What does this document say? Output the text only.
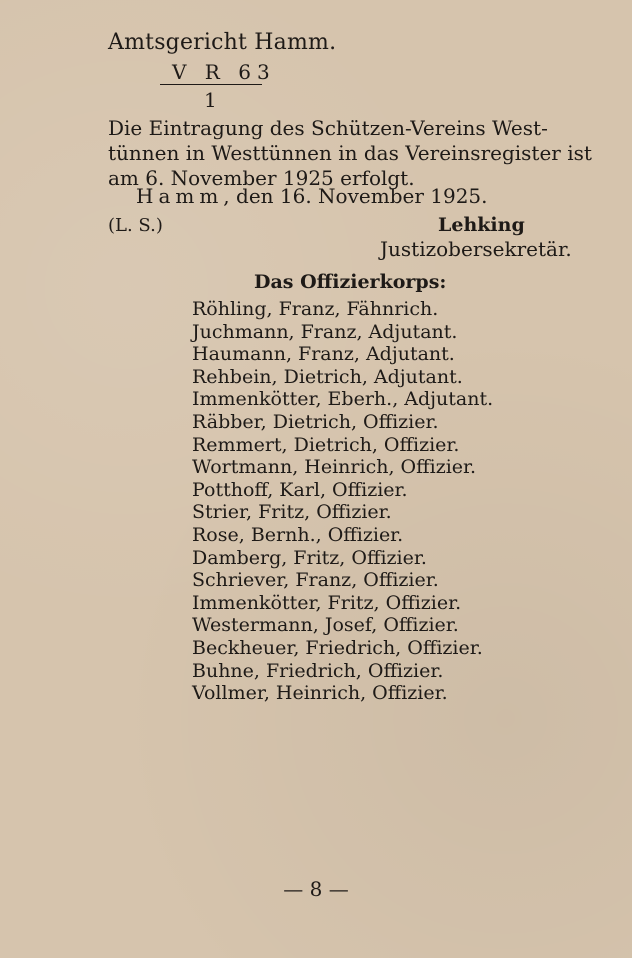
Amtsgericht Hamm.
V R 63
1
Die Eintragung des Schützen-Vereins West-
tünnen in Westtünnen in das Vereinsregister ist
am 6. November 1925 erfolgt.
Hamm, den 16. November 1925.
(L. S.)	Lehking
Justizobersekretär.
Das Offizierkorps:
Röhling, Franz, Fähnrich.
Juchmann, Franz, Adjutant.
Haumann, Franz, Adjutant.
Rehbein, Dietrich, Adjutant.
Immenkötter, Eberh., Adjutant.
Räbber, Dietrich, Offizier.
Remmert, Dietrich, Offizier.
Wortmann, Heinrich, Offizier.
Potthoff, Karl, Offizier.
Strier, Fritz, Offizier.
Rose, Bernh., Offizier.
Damberg, Fritz, Offizier.
Schriever, Franz, Offizier.
Immenkötter, Fritz, Offizier.
Westermann, Josef, Offizier.
Beckheuer, Friedrich, Offizier.
Buhne, Friedrich, Offizier.
Vollmer, Heinrich, Offizier.
— 8 —
